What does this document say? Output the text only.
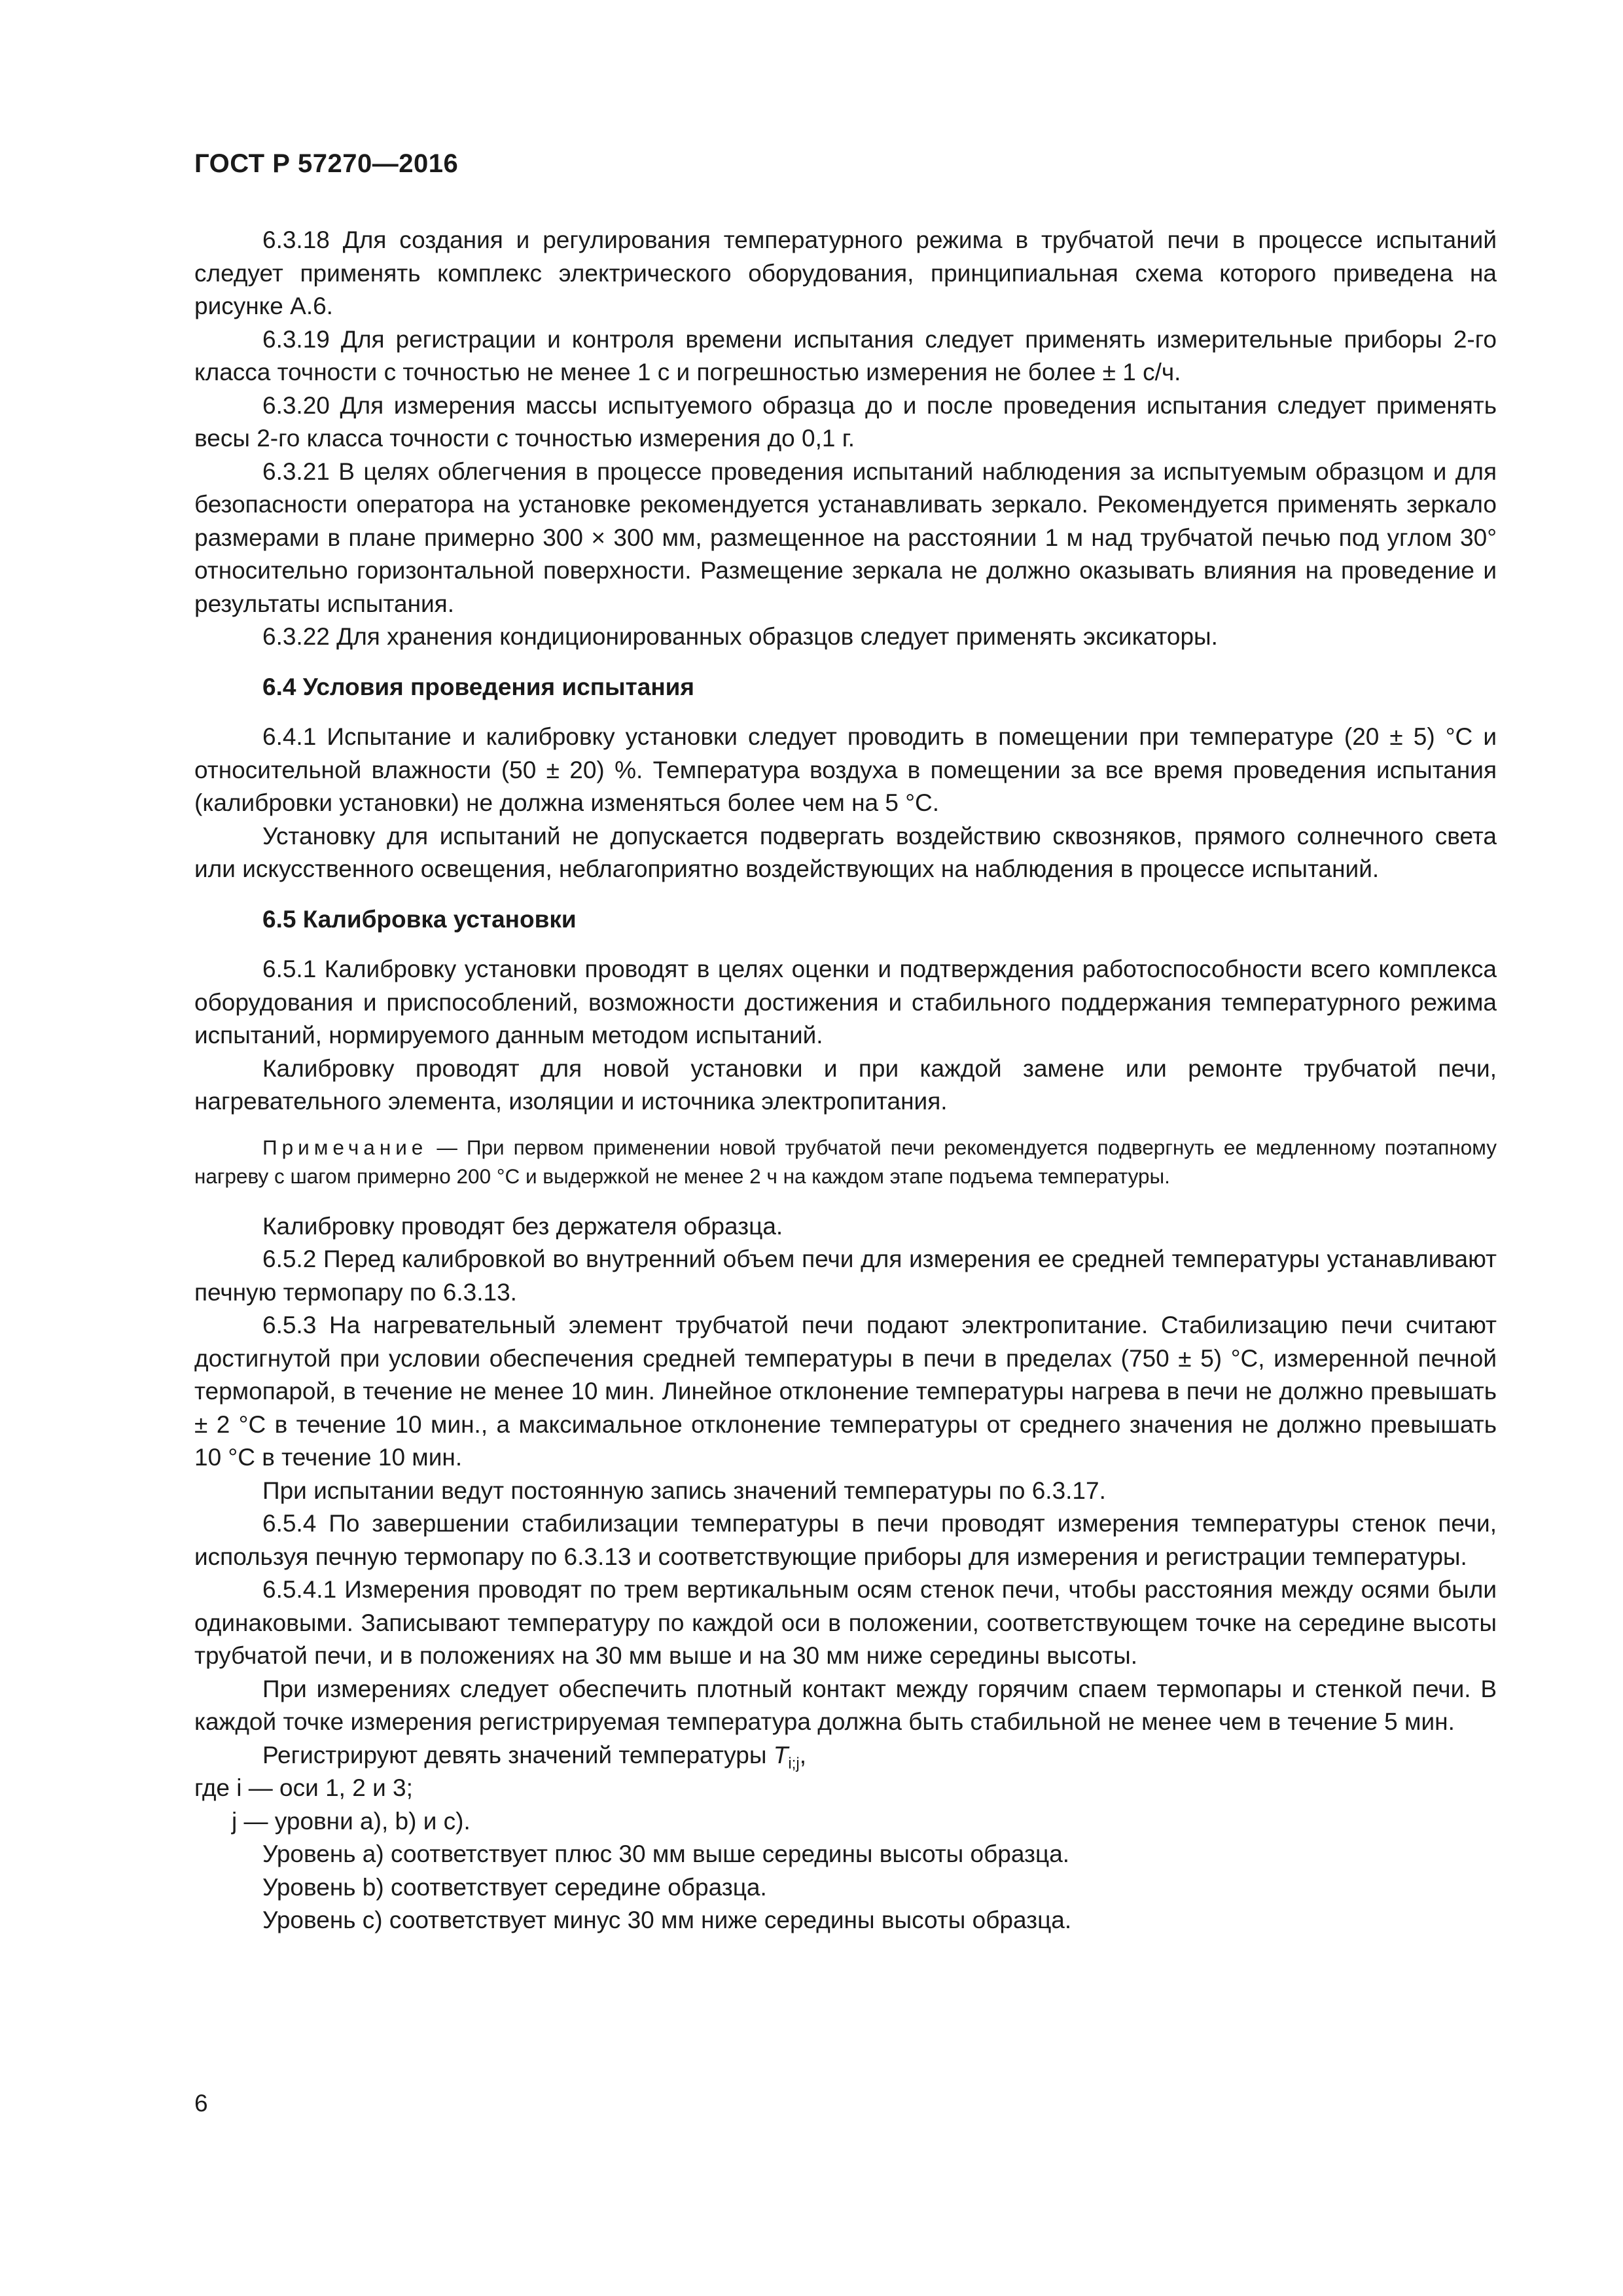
ГОСТ Р 57270—2016

6.3.18 Для создания и регулирования температурного режима в трубчатой печи в процессе испытаний следует применять комплекс электрического оборудования, принципиальная схема которого приведена на рисунке А.6.

6.3.19 Для регистрации и контроля времени испытания следует применять измерительные приборы 2-го класса точности с точностью не менее 1 с и погрешностью измерения не более ± 1 с/ч.

6.3.20 Для измерения массы испытуемого образца до и после проведения испытания следует применять весы 2-го класса точности с точностью измерения до 0,1 г.

6.3.21 В целях облегчения в процессе проведения испытаний наблюдения за испытуемым образцом и для безопасности оператора на установке рекомендуется устанавливать зеркало. Рекомендуется применять зеркало размерами в плане примерно 300 × 300 мм, размещенное на расстоянии 1 м над трубчатой печью под углом 30° относительно горизонтальной поверхности. Размещение зеркала не должно оказывать влияния на проведение и результаты испытания.

6.3.22 Для хранения кондиционированных образцов следует применять эксикаторы.

6.4 Условия проведения испытания

6.4.1 Испытание и калибровку установки следует проводить в помещении при температуре (20 ± 5) °С и относительной влажности (50 ± 20) %. Температура воздуха в помещении за все время проведения испытания (калибровки установки) не должна изменяться более чем на 5 °С.

Установку для испытаний не допускается подвергать воздействию сквозняков, прямого солнечного света или искусственного освещения, неблагоприятно воздействующих на наблюдения в процессе испытаний.

6.5 Калибровка установки

6.5.1 Калибровку установки проводят в целях оценки и подтверждения работоспособности всего комплекса оборудования и приспособлений, возможности достижения и стабильного поддержания температурного режима испытаний, нормируемого данным методом испытаний.

Калибровку проводят для новой установки и при каждой замене или ремонте трубчатой печи, нагревательного элемента, изоляции и источника электропитания.

Примечание — При первом применении новой трубчатой печи рекомендуется подвергнуть ее медленному поэтапному нагреву с шагом примерно 200 °С и выдержкой не менее 2 ч на каждом этапе подъема температуры.

Калибровку проводят без держателя образца.

6.5.2 Перед калибровкой во внутренний объем печи для измерения ее средней температуры устанавливают печную термопару по 6.3.13.

6.5.3 На нагревательный элемент трубчатой печи подают электропитание. Стабилизацию печи считают достигнутой при условии обеспечения средней температуры в печи в пределах (750 ± 5) °С, измеренной печной термопарой, в течение не менее 10 мин. Линейное отклонение температуры нагрева в печи не должно превышать ± 2 °С в течение 10 мин., а максимальное отклонение температуры от среднего значения не должно превышать 10 °С в течение 10 мин.

При испытании ведут постоянную запись значений температуры по 6.3.17.

6.5.4 По завершении стабилизации температуры в печи проводят измерения температуры стенок печи, используя печную термопару по 6.3.13 и соответствующие приборы для измерения и регистрации температуры.

6.5.4.1 Измерения проводят по трем вертикальным осям стенок печи, чтобы расстояния между осями были одинаковыми. Записывают температуру по каждой оси в положении, соответствующем точке на середине высоты трубчатой печи, и в положениях на 30 мм выше и на 30 мм ниже середины высоты.

При измерениях следует обеспечить плотный контакт между горячим спаем термопары и стенкой печи. В каждой точке измерения регистрируемая температура должна быть стабильной не менее чем в течение 5 мин.

Регистрируют девять значений температуры $T_{i;j}$,

где i — оси 1, 2 и 3;

j — уровни а), b) и с).

Уровень а) соответствует плюс 30 мм выше середины высоты образца.

Уровень b) соответствует середине образца.

Уровень с) соответствует минус 30 мм ниже середины высоты образца.

6
